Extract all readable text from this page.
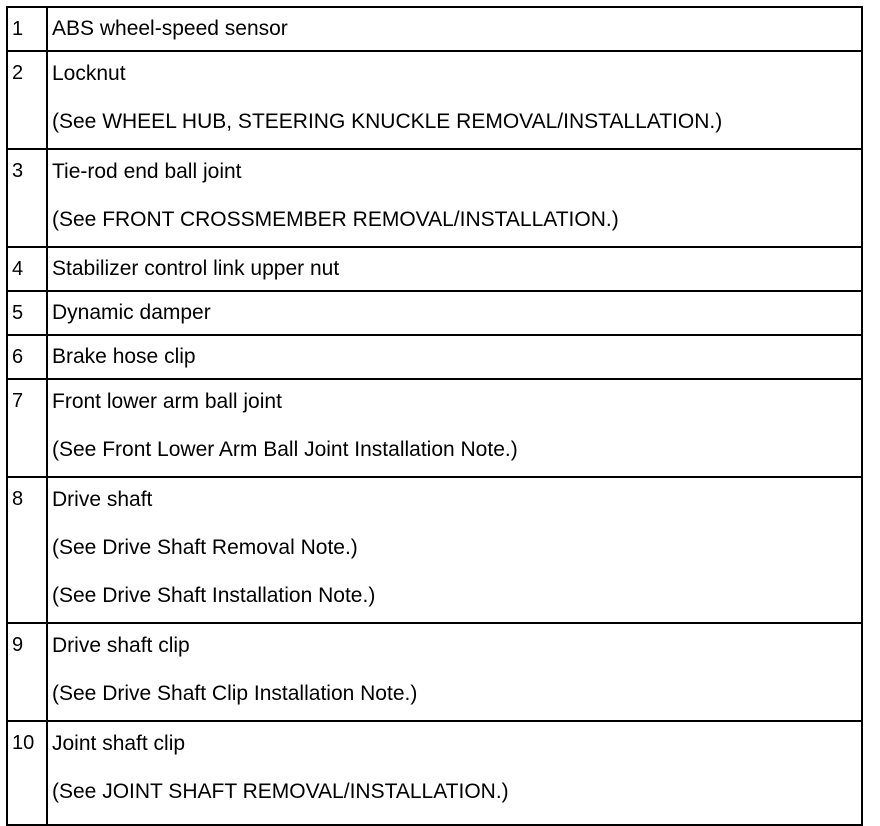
1	ABS wheel-speed sensor

2	Locknut
(See WHEEL HUB, STEERING KNUCKLE REMOVAL/INSTALLATION.)

3	Tie-rod end ball joint
(See FRONT CROSSMEMBER REMOVAL/INSTALLATION.)

4	Stabilizer control link upper nut

5	Dynamic damper

6	Brake hose clip

7	Front lower arm ball joint
(See Front Lower Arm Ball Joint Installation Note.)

8	Drive shaft
(See Drive Shaft Removal Note.)
(See Drive Shaft Installation Note.)

9	Drive shaft clip
(See Drive Shaft Clip Installation Note.)

10	Joint shaft clip
(See JOINT SHAFT REMOVAL/INSTALLATION.)
